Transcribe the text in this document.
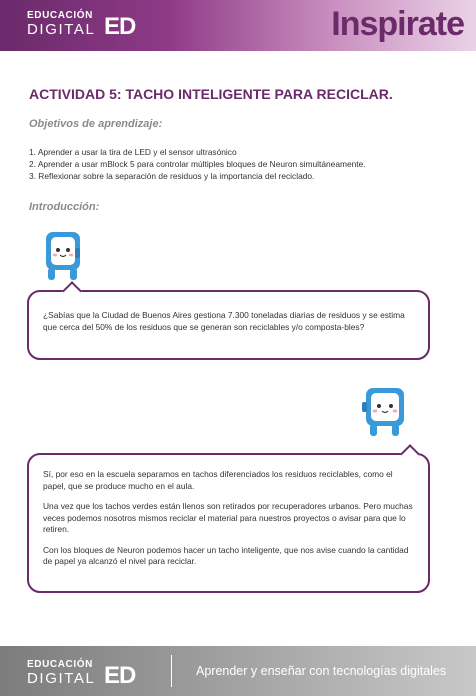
EDUCACIÓN
DIGITAL ED	Inspirate
ACTIVIDAD 5: TACHO INTELIGENTE PARA RECICLAR.
Objetivos de aprendizaje:
1. Aprender a usar la tira de LED y el sensor ultrasónico
2. Aprender a usar mBlock 5 para controlar múltiples bloques de Neuron simultáneamente.
3. Reflexionar sobre la separación de residuos y la importancia del reciclado.
Introducción:

¿Sabías que la Ciudad de Buenos Aires gestiona 7.300 toneladas diarias de residuos y se estima que cerca del 50% de los residuos que se generan son reciclables y/o composta-bles?

Sí, por eso en la escuela separamos en tachos diferenciados los residuos reciclables, como el papel, que se produce mucho en el aula.

Una vez que los tachos verdes están llenos son retirados por recuperadores urbanos. Pero muchas veces podemos nosotros mismos reciclar el material para nuestros proyectos o avisar para que lo retiren.

Con los bloques de Neuron podemos hacer un tacho inteligente, que nos avise cuando la cantidad de papel ya alcanzó el nivel para reciclar.

EDUCACIÓN
DIGITAL ED	Aprender y enseñar con tecnologías digitales
